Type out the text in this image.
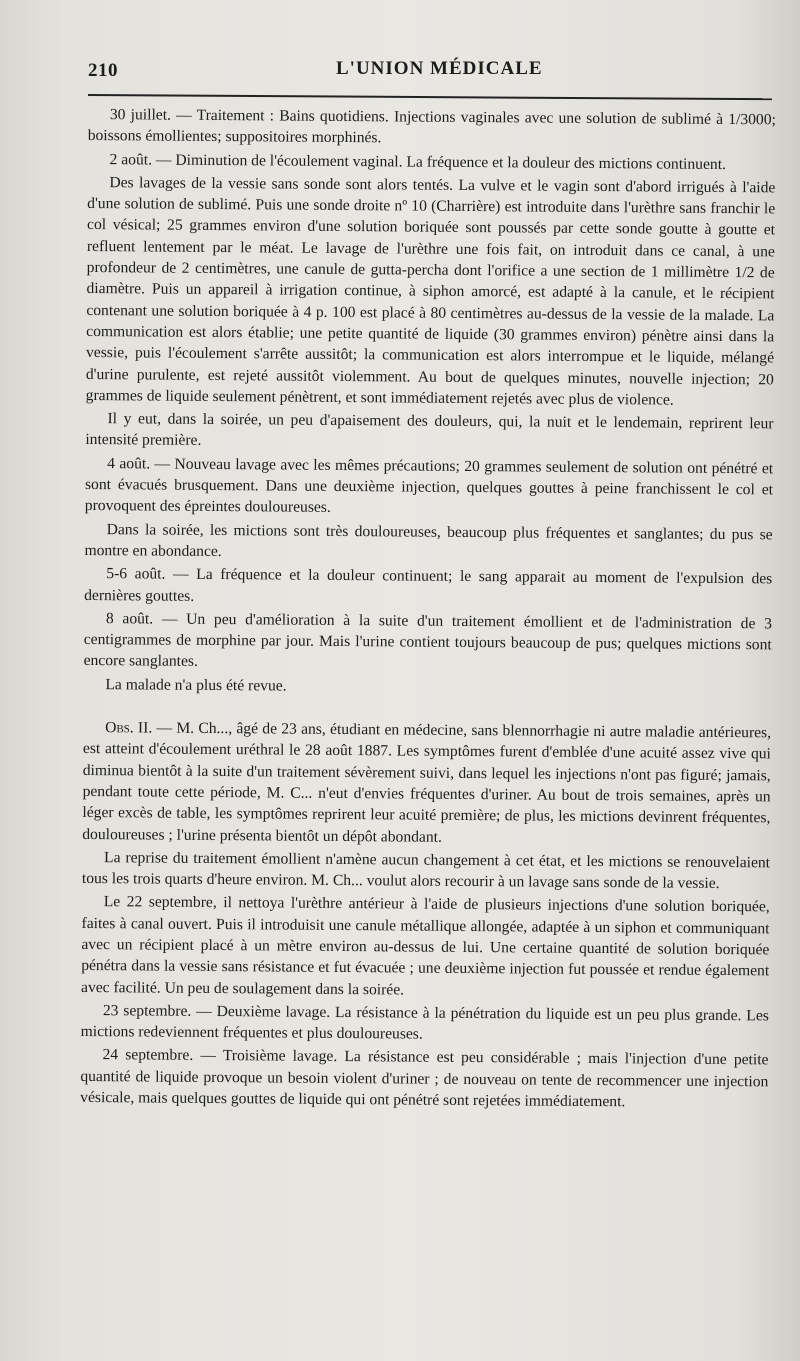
210	L'UNION MÉDICALE

30 juillet. — Traitement : Bains quotidiens. Injections vaginales avec une solution de sublimé à 1/3000; boissons émollientes; suppositoires morphinés.

2 août. — Diminution de l'écoulement vaginal. La fréquence et la douleur des mictions continuent.

Des lavages de la vessie sans sonde sont alors tentés. La vulve et le vagin sont d'abord irrigués à l'aide d'une solution de sublimé. Puis une sonde droite nº 10 (Charrière) est introduite dans l'urèthre sans franchir le col vésical; 25 grammes environ d'une solution boriquée sont poussés par cette sonde goutte à goutte et refluent lentement par le méat. Le lavage de l'urèthre une fois fait, on introduit dans ce canal, à une profondeur de 2 centimètres, une canule de gutta-percha dont l'orifice a une section de 1 millimètre 1/2 de diamètre. Puis un appareil à irrigation continue, à siphon amorcé, est adapté à la canule, et le récipient contenant une solution boriquée à 4 p. 100 est placé à 80 centimètres au-dessus de la vessie de la malade. La communication est alors établie; une petite quantité de liquide (30 grammes environ) pénètre ainsi dans la vessie, puis l'écoulement s'arrête aussitôt; la communication est alors interrompue et le liquide, mélangé d'urine purulente, est rejeté aussitôt violemment. Au bout de quelques minutes, nouvelle injection; 20 grammes de liquide seulement pénètrent, et sont immédiatement rejetés avec plus de violence.

Il y eut, dans la soirée, un peu d'apaisement des douleurs, qui, la nuit et le lendemain, reprirent leur intensité première.

4 août. — Nouveau lavage avec les mêmes précautions; 20 grammes seulement de solution ont pénétré et sont évacués brusquement. Dans une deuxième injection, quelques gouttes à peine franchissent le col et provoquent des épreintes douloureuses.

Dans la soirée, les mictions sont très douloureuses, beaucoup plus fréquentes et sanglantes; du pus se montre en abondance.

5-6 août. — La fréquence et la douleur continuent; le sang apparait au moment de l'expulsion des dernières gouttes.

8 août. — Un peu d'amélioration à la suite d'un traitement émollient et de l'administration de 3 centigrammes de morphine par jour. Mais l'urine contient toujours beaucoup de pus; quelques mictions sont encore sanglantes.

La malade n'a plus été revue.

Obs. II. — M. Ch..., âgé de 23 ans, étudiant en médecine, sans blennorrhagie ni autre maladie antérieures, est atteint d'écoulement uréthral le 28 août 1887. Les symptômes furent d'emblée d'une acuité assez vive qui diminua bientôt à la suite d'un traitement sévèrement suivi, dans lequel les injections n'ont pas figuré; jamais, pendant toute cette période, M. C... n'eut d'envies fréquentes d'uriner. Au bout de trois semaines, après un léger excès de table, les symptômes reprirent leur acuité première; de plus, les mictions devinrent fréquentes, douloureuses ; l'urine présenta bientôt un dépôt abondant.

La reprise du traitement émollient n'amène aucun changement à cet état, et les mictions se renouvelaient tous les trois quarts d'heure environ. M. Ch... voulut alors recourir à un lavage sans sonde de la vessie.

Le 22 septembre, il nettoya l'urèthre antérieur à l'aide de plusieurs injections d'une solution boriquée, faites à canal ouvert. Puis il introduisit une canule métallique allongée, adaptée à un siphon et communiquant avec un récipient placé à un mètre environ au-dessus de lui. Une certaine quantité de solution boriquée pénétra dans la vessie sans résistance et fut évacuée ; une deuxième injection fut poussée et rendue également avec facilité. Un peu de soulagement dans la soirée.

23 septembre. — Deuxième lavage. La résistance à la pénétration du liquide est un peu plus grande. Les mictions redeviennent fréquentes et plus douloureuses.

24 septembre. — Troisième lavage. La résistance est peu considérable ; mais l'injection d'une petite quantité de liquide provoque un besoin violent d'uriner ; de nouveau on tente de recommencer une injection vésicale, mais quelques gouttes de liquide qui ont pénétré sont rejetées immédiatement.
